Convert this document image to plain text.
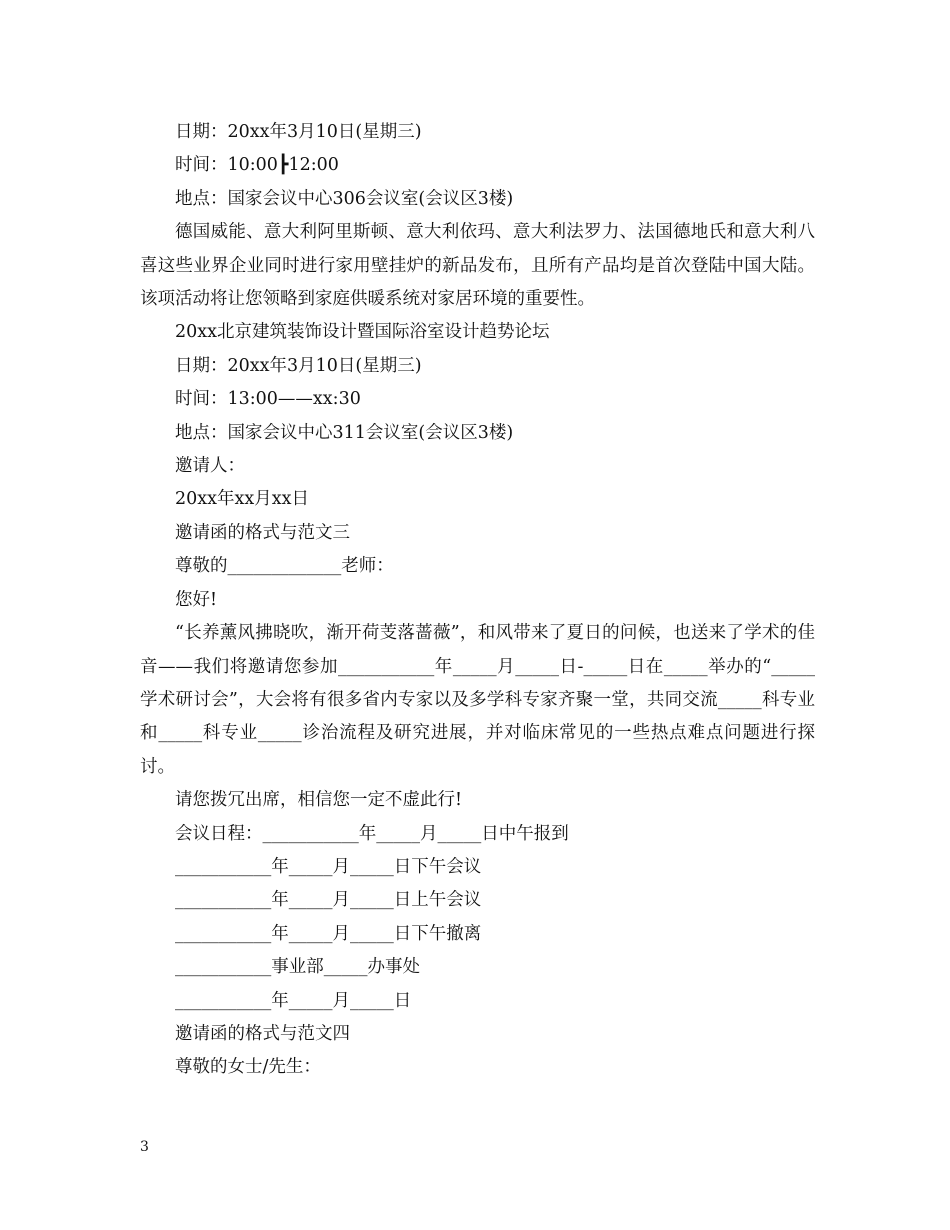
日期：20xx年3月10日(星期三)

时间：10:00┣12:00

地点：国家会议中心306会议室(会议区3楼)

德国威能、意大利阿里斯顿、意大利依玛、意大利法罗力、法国德地氏和意大利八喜这些业界企业同时进行家用壁挂炉的新品发布，且所有产品均是首次登陆中国大陆。该项活动将让您领略到家庭供暖系统对家居环境的重要性。

20xx北京建筑装饰设计暨国际浴室设计趋势论坛

日期：20xx年3月10日(星期三)

时间：13:00——xx:30

地点：国家会议中心311会议室(会议区3楼)

邀请人：

20xx年xx月xx日

邀请函的格式与范文三

尊敬的_____________老师：

您好!

“长养薰风拂晓吹，渐开荷芰落蔷薇”，和风带来了夏日的问候，也送来了学术的佳音——我们将邀请您参加___________年_____月_____日-_____日在_____举办的“_____学术研讨会”，大会将有很多省内专家以及多学科专家齐聚一堂，共同交流_____科专业和_____科专业_____诊治流程及研究进展，并对临床常见的一些热点难点问题进行探讨。

请您拨冗出席，相信您一定不虚此行!

会议日程：___________年_____月_____日中午报到

___________年_____月_____日下午会议

___________年_____月_____日上午会议

___________年_____月_____日下午撤离

___________事业部_____办事处

___________年_____月_____日

邀请函的格式与范文四

尊敬的女士/先生：

3
